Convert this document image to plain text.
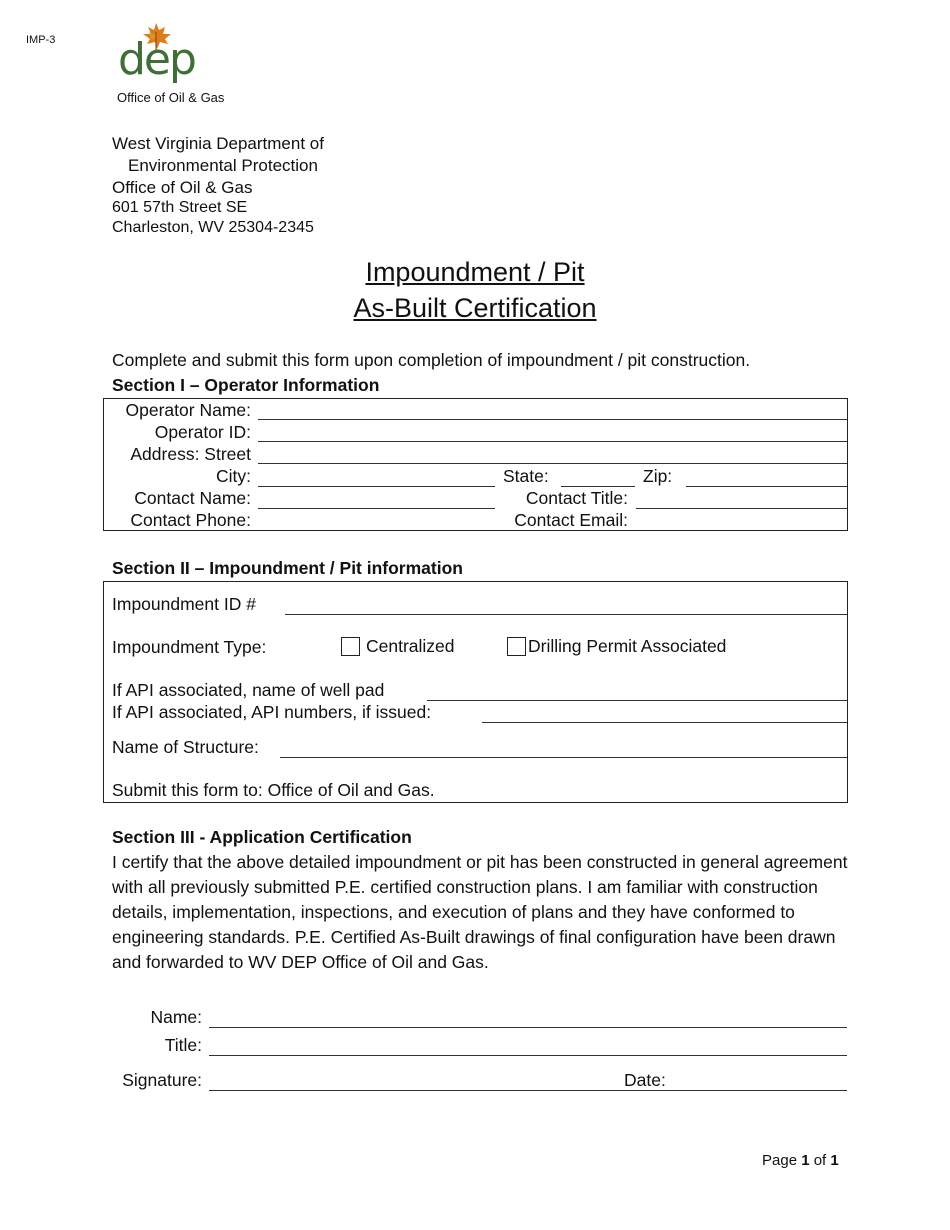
IMP-3 dep
Office of Oil & Gas
West Virginia Department of
Environmental Protection
Office of Oil & Gas
601 57th Street SE
Charleston, WV 25304-2345
Impoundment / Pit
As-Built Certification
Complete and submit this form upon completion of impoundment / pit construction.
Section I – Operator Information
Operator Name:
Operator ID:
Address: Street
City:	State:	Zip:
Contact Name:	Contact Title:
Contact Phone:	Contact Email:
Section II – Impoundment / Pit information
Impoundment ID #
Impoundment Type:	Centralized	Drilling Permit Associated
If API associated, name of well pad
If API associated, API numbers, if issued:
Name of Structure:
Submit this form to: Office of Oil and Gas.
Section III - Application Certification
I certify that the above detailed impoundment or pit has been constructed in general agreement with all previously submitted P.E. certified construction plans. I am familiar with construction details, implementation, inspections, and execution of plans and they have conformed to engineering standards. P.E. Certified As-Built drawings of final configuration have been drawn and forwarded to WV DEP Office of Oil and Gas.
Name:
Title:
Signature:	Date:
Page 1 of 1
